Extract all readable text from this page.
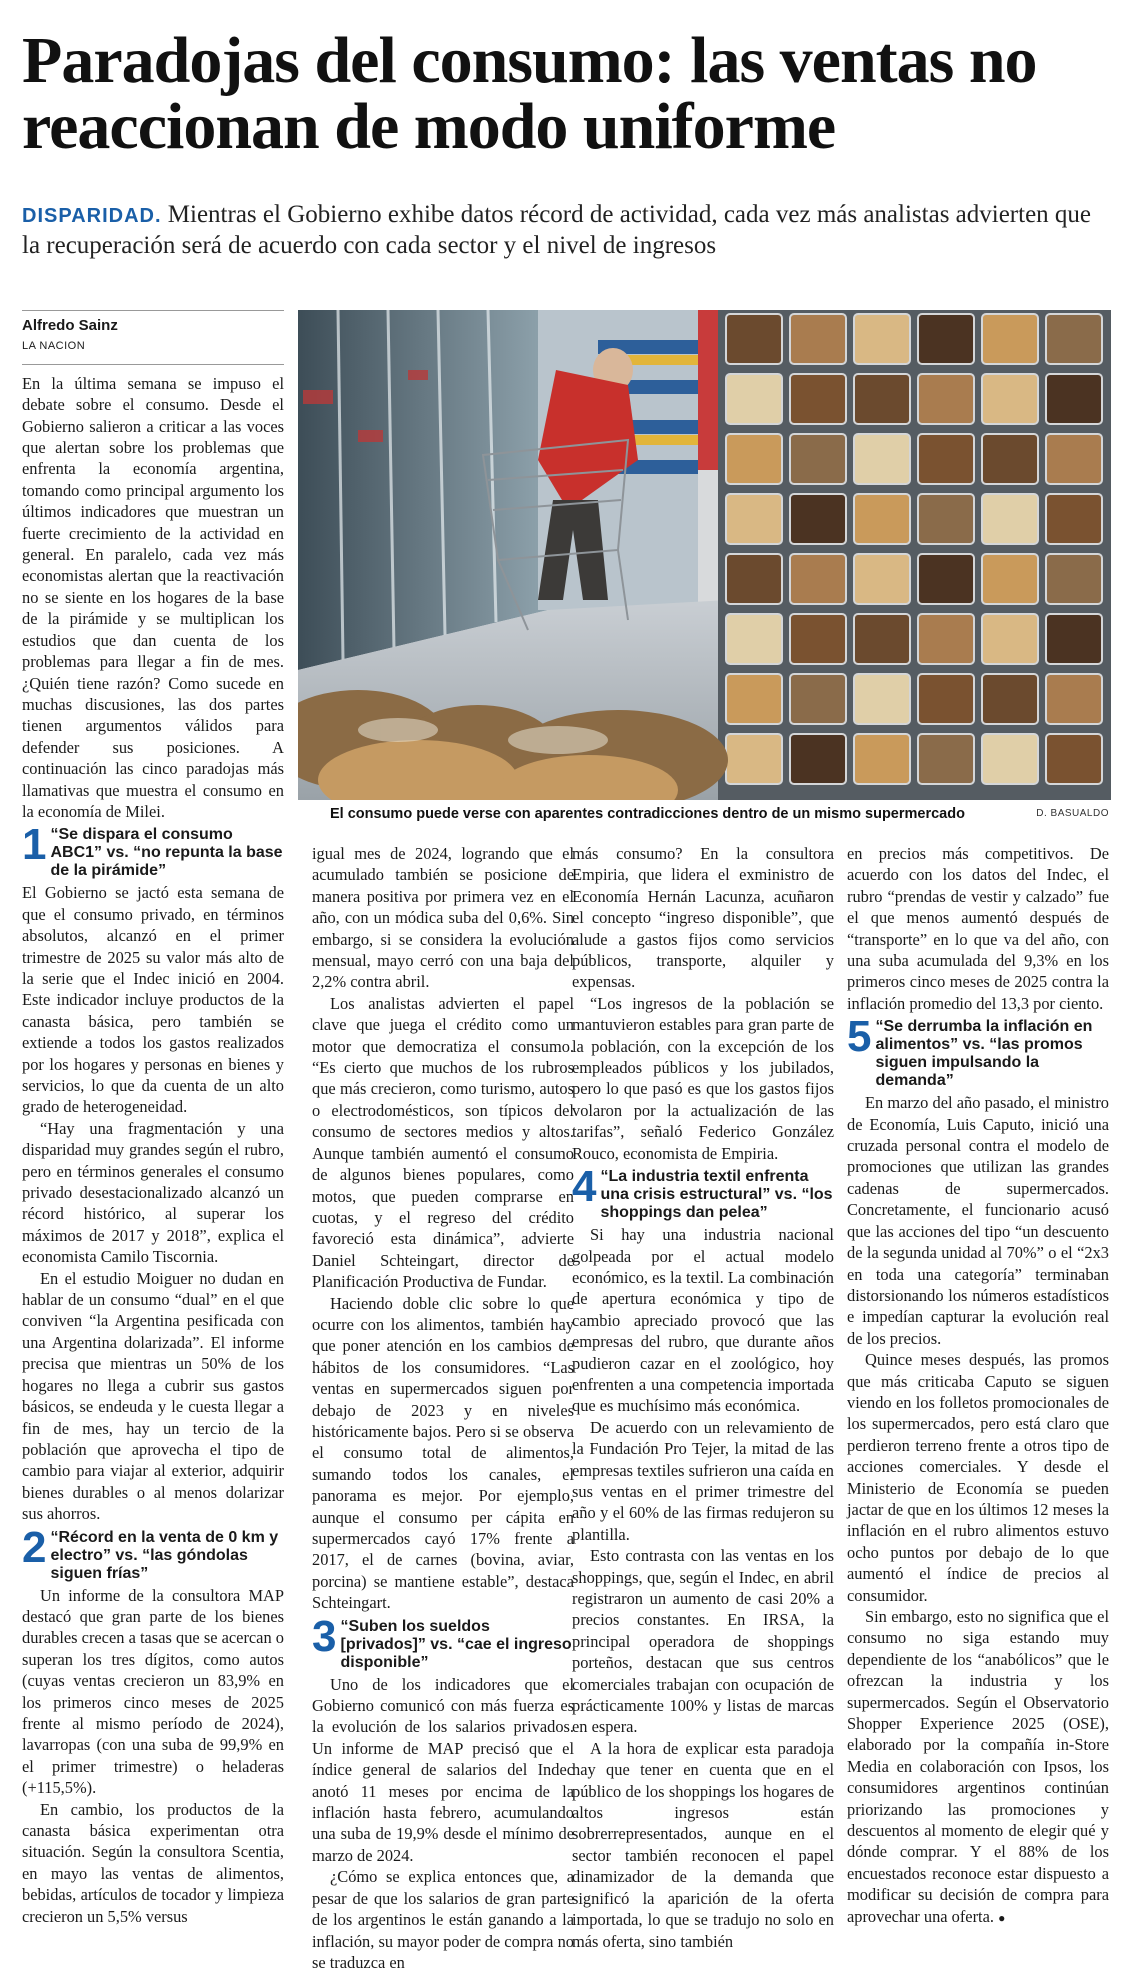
Paradojas del consumo: las ventas no reaccionan de modo uniforme

DISPARIDAD. Mientras el Gobierno exhibe datos récord de actividad, cada vez más analistas advierten que la recuperación será de acuerdo con cada sector y el nivel de ingresos

El consumo puede verse con aparentes contradicciones dentro de un mismo supermercado	D. BASUALDO

Alfredo Sainz

LA NACION

En la última semana se impuso el debate sobre el consumo. Desde el Gobierno salieron a criticar a las voces que alertan sobre los problemas que enfrenta la economía argentina, tomando como principal argumento los últimos indicadores que muestran un fuerte crecimiento de la actividad en general. En paralelo, cada vez más economistas alertan que la reactivación no se siente en los hogares de la base de la pirámide y se multiplican los estudios que dan cuenta de los problemas para llegar a fin de mes. ¿Quién tiene razón? Como sucede en muchas discusiones, las dos partes tienen argumentos válidos para defender sus posiciones. A continuación las cinco paradojas más llamativas que muestra el consumo en la economía de Milei.

1 “Se dispara el consumo ABC1” vs. “no repunta la base de la pirámide”

El Gobierno se jactó esta semana de que el consumo privado, en términos absolutos, alcanzó en el primer trimestre de 2025 su valor más alto de la serie que el Indec inició en 2004. Este indicador incluye productos de la canasta básica, pero también se extiende a todos los gastos realizados por los hogares y personas en bienes y servicios, lo que da cuenta de un alto grado de heterogeneidad.

“Hay una fragmentación y una disparidad muy grandes según el rubro, pero en términos generales el consumo privado desestacionalizado alcanzó un récord histórico, al superar los máximos de 2017 y 2018”, explica el economista Camilo Tiscornia.

En el estudio Moiguer no dudan en hablar de un consumo “dual” en el que conviven “la Argentina pesificada con una Argentina dolarizada”. El informe precisa que mientras un 50% de los hogares no llega a cubrir sus gastos básicos, se endeuda y le cuesta llegar a fin de mes, hay un tercio de la población que aprovecha el tipo de cambio para viajar al exterior, adquirir bienes durables o al menos dolarizar sus ahorros.

2 “Récord en la venta de 0 km y electro” vs. “las góndolas siguen frías”

Un informe de la consultora MAP destacó que gran parte de los bienes durables crecen a tasas que se acercan o superan los tres dígitos, como autos (cuyas ventas crecieron un 83,9% en los primeros cinco meses de 2025 frente al mismo período de 2024), lavarropas (con una suba de 99,9% en el primer trimestre) o heladeras (+115,5%).

En cambio, los productos de la canasta básica experimentan otra situación. Según la consultora Scentia, en mayo las ventas de alimentos, bebidas, artículos de tocador y limpieza crecieron un 5,5% versus

igual mes de 2024, logrando que el acumulado también se posicione de manera positiva por primera vez en el año, con un módica suba del 0,6%. Sin embargo, si se considera la evolución mensual, mayo cerró con una baja del 2,2% contra abril.

Los analistas advierten el papel clave que juega el crédito como un motor que democratiza el consumo. “Es cierto que muchos de los rubros que más crecieron, como turismo, autos o electrodomésticos, son típicos del consumo de sectores medios y altos. Aunque también aumentó el consumo de algunos bienes populares, como motos, que pueden comprarse en cuotas, y el regreso del crédito favoreció esta dinámica”, advierte Daniel Schteingart, director de Planificación Productiva de Fundar.

Haciendo doble clic sobre lo que ocurre con los alimentos, también hay que poner atención en los cambios de hábitos de los consumidores. “Las ventas en supermercados siguen por debajo de 2023 y en niveles históricamente bajos. Pero si se observa el consumo total de alimentos, sumando todos los canales, el panorama es mejor. Por ejemplo, aunque el consumo per cápita en supermercados cayó 17% frente a 2017, el de carnes (bovina, aviar, porcina) se mantiene estable”, destaca Schteingart.

3 “Suben los sueldos [privados]” vs. “cae el ingreso disponible”

Uno de los indicadores que el Gobierno comunicó con más fuerza es la evolución de los salarios privados. Un informe de MAP precisó que el índice general de salarios del Indec anotó 11 meses por encima de la inflación hasta febrero, acumulando una suba de 19,9% desde el mínimo de marzo de 2024.

¿Cómo se explica entonces que, a pesar de que los salarios de gran parte de los argentinos le están ganando a la inflación, su mayor poder de compra no se traduzca en

más consumo? En la consultora Empiria, que lidera el exministro de Economía Hernán Lacunza, acuñaron el concepto “ingreso disponible”, que alude a gastos fijos como servicios públicos, transporte, alquiler y expensas.

“Los ingresos de la población se mantuvieron estables para gran parte de la población, con la excepción de los empleados públicos y los jubilados, pero lo que pasó es que los gastos fijos volaron por la actualización de las tarifas”, señaló Federico González Rouco, economista de Empiria.

4 “La industria textil enfrenta una crisis estructural” vs. “los shoppings dan pelea”

Si hay una industria nacional golpeada por el actual modelo económico, es la textil. La combinación de apertura económica y tipo de cambio apreciado provocó que las empresas del rubro, que durante años pudieron cazar en el zoológico, hoy enfrenten a una competencia importada que es muchísimo más económica.

De acuerdo con un relevamiento de la Fundación Pro Tejer, la mitad de las empresas textiles sufrieron una caída en sus ventas en el primer trimestre del año y el 60% de las firmas redujeron su plantilla.

Esto contrasta con las ventas en los shoppings, que, según el Indec, en abril registraron un aumento de casi 20% a precios constantes. En IRSA, la principal operadora de shoppings porteños, destacan que sus centros comerciales trabajan con ocupación de prácticamente 100% y listas de marcas en espera.

A la hora de explicar esta paradoja hay que tener en cuenta que en el público de los shoppings los hogares de altos ingresos están sobrerrepresentados, aunque en el sector también reconocen el papel dinamizador de la demanda que significó la aparición de la oferta importada, lo que se tradujo no solo en más oferta, sino también

en precios más competitivos. De acuerdo con los datos del Indec, el rubro “prendas de vestir y calzado” fue el que menos aumentó después de “transporte” en lo que va del año, con una suba acumulada del 9,3% en los primeros cinco meses de 2025 contra la inflación promedio del 13,3 por ciento.

5 “Se derrumba la inflación en alimentos” vs. “las promos siguen impulsando la demanda”

En marzo del año pasado, el ministro de Economía, Luis Caputo, inició una cruzada personal contra el modelo de promociones que utilizan las grandes cadenas de supermercados. Concretamente, el funcionario acusó que las acciones del tipo “un descuento de la segunda unidad al 70%” o el “2x3 en toda una categoría” terminaban distorsionando los números estadísticos e impedían capturar la evolución real de los precios.

Quince meses después, las promos que más criticaba Caputo se siguen viendo en los folletos promocionales de los supermercados, pero está claro que perdieron terreno frente a otros tipo de acciones comerciales. Y desde el Ministerio de Economía se pueden jactar de que en los últimos 12 meses la inflación en el rubro alimentos estuvo ocho puntos por debajo de lo que aumentó el índice de precios al consumidor.

Sin embargo, esto no significa que el consumo no siga estando muy dependiente de los “anabólicos” que le ofrezcan la industria y los supermercados. Según el Observatorio Shopper Experience 2025 (OSE), elaborado por la compañía in-Store Media en colaboración con Ipsos, los consumidores argentinos continúan priorizando las promociones y descuentos al momento de elegir qué y dónde comprar. Y el 88% de los encuestados reconoce estar dispuesto a modificar su decisión de compra para aprovechar una oferta. ●
